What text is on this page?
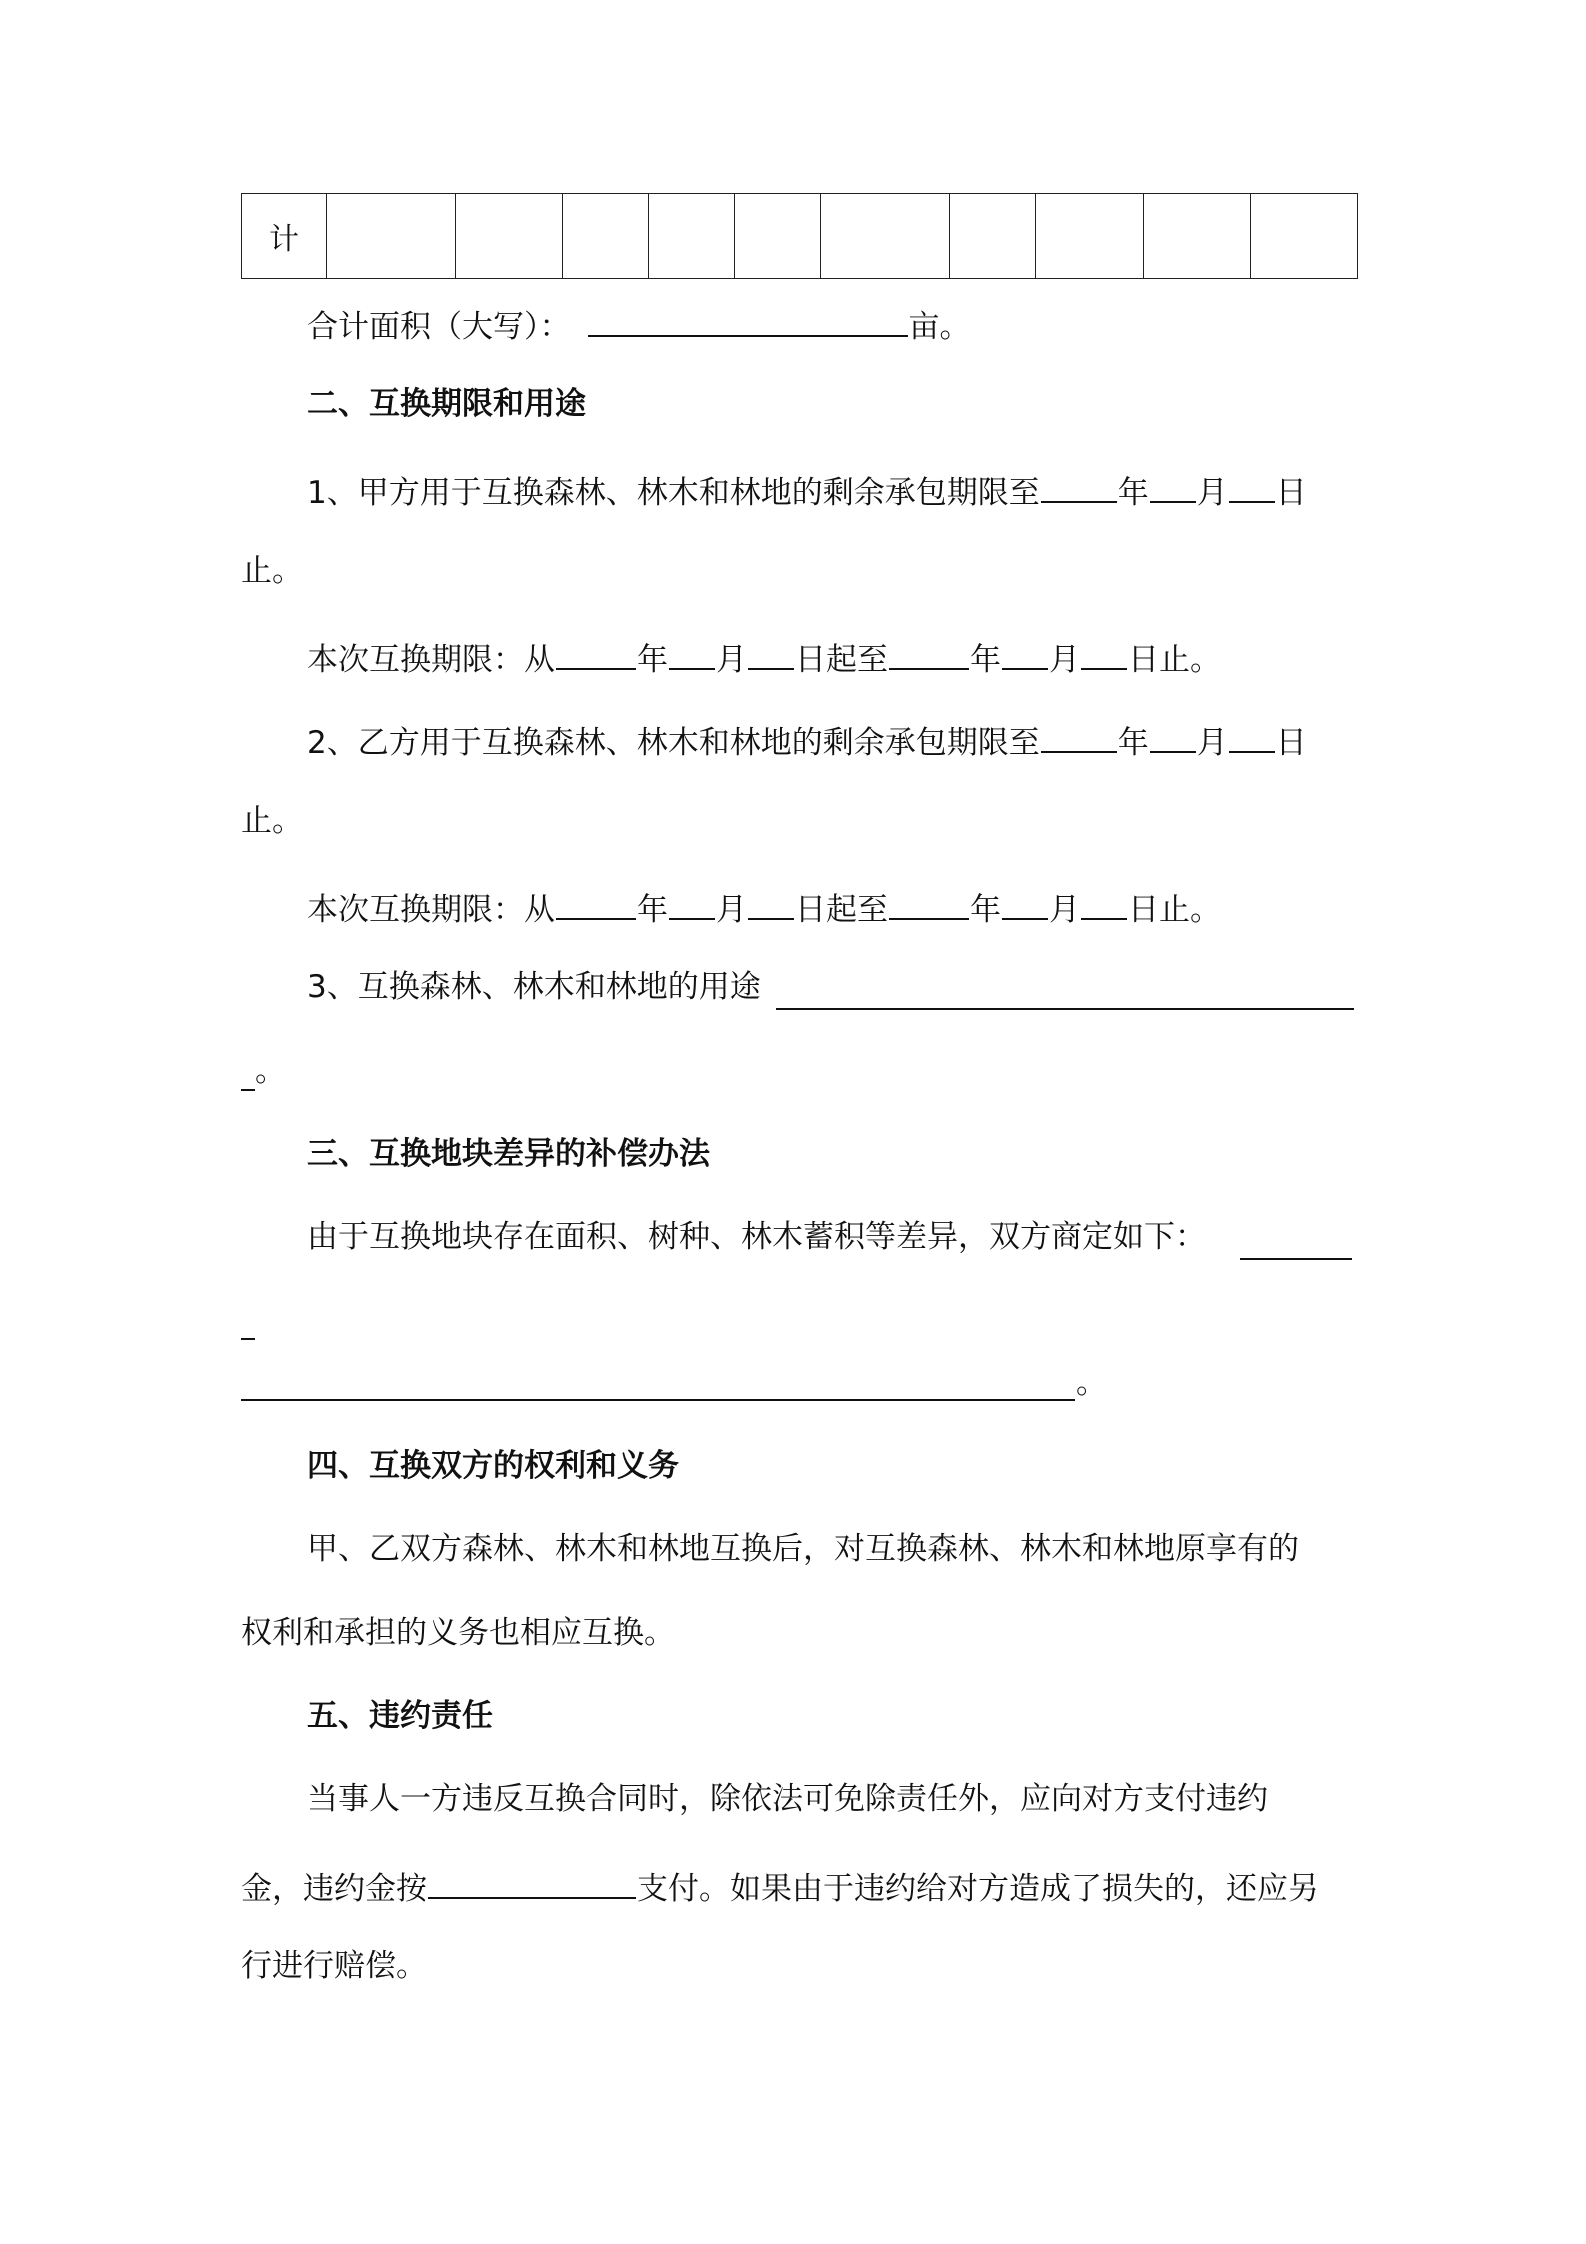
计										
合计面积（大写）：	亩。
二、互换期限和用途
1、甲方用于互换森林、林木和林地的剩余承包期限至	年 月 日
止。
本次互换期限：从	年 月 日起至	年 月 日止。
2、乙方用于互换森林、林木和林地的剩余承包期限至	年 月 日
止。
本次互换期限：从	年 月 日起至	年 月 日止。
3、互换森林、林木和林地的用途
。
三、互换地块差异的补偿办法
由于互换地块存在面积、树种、林木蓄积等差异，双方商定如下：
。
四、互换双方的权利和义务
甲、乙双方森林、林木和林地互换后，对互换森林、林木和林地原享有的
权利和承担的义务也相应互换。
五、违约责任
当事人一方违反互换合同时，除依法可免除责任外，应向对方支付违约
金，违约金按	支付。如果由于违约给对方造成了损失的，还应另
行进行赔偿。
